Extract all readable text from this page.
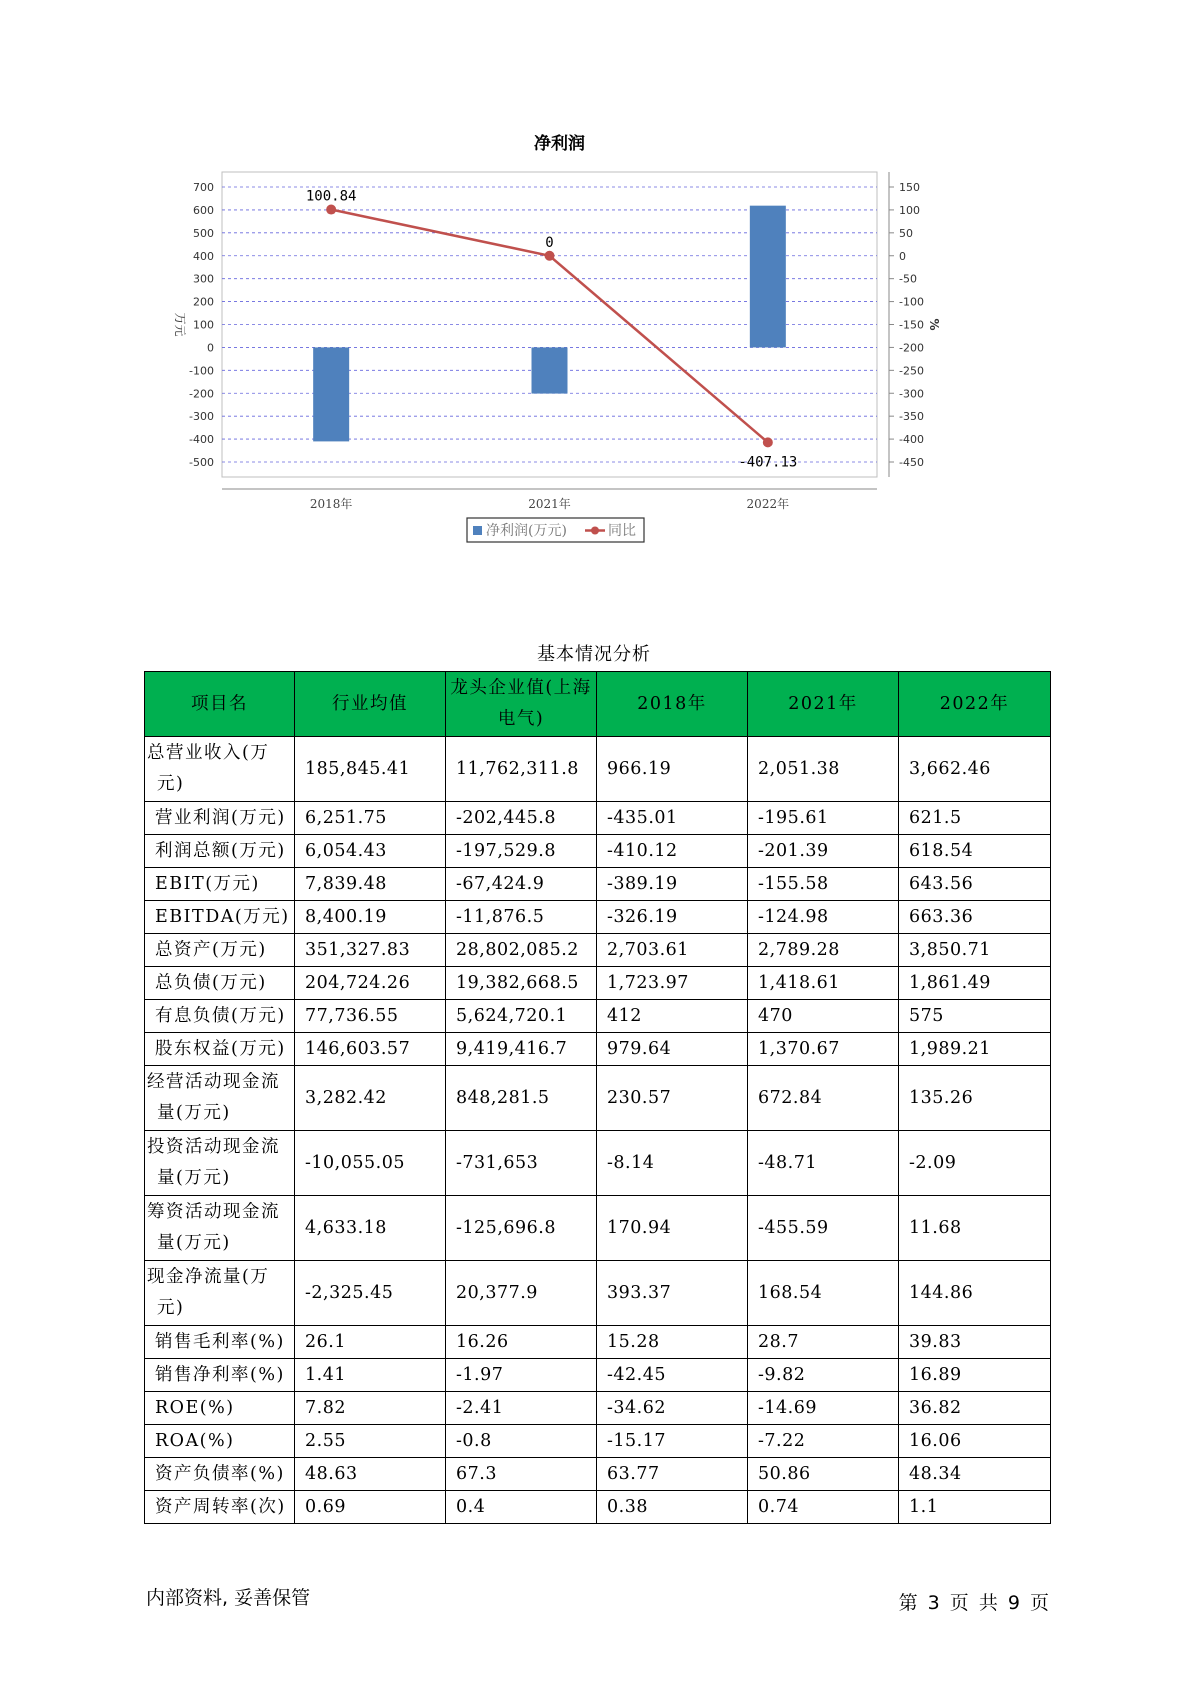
净利润
700
600
500
400
300
200
100
0
-100
-200
-300
-400
-500
150
100
50
0
-50
-100
-150
-200
-250
-300
-350
-400
-450
2018年	2021年	2022年
万元	%
100.84
0
-407.13
净利润(万元)	同比
基本情况分析
项目名	行业均值	龙头企业值(上海电气)	2018年	2021年	2022年

总营业收入(万元)	185,845.41	11,762,311.8	966.19	2,051.38	3,662.46
营业利润(万元)	6,251.75	-202,445.8	-435.01	-195.61	621.5
利润总额(万元)	6,054.43	-197,529.8	-410.12	-201.39	618.54
EBIT(万元)	7,839.48	-67,424.9	-389.19	-155.58	643.56
EBITDA(万元)	8,400.19	-11,876.5	-326.19	-124.98	663.36
总资产(万元)	351,327.83	28,802,085.2	2,703.61	2,789.28	3,850.71
总负债(万元)	204,724.26	19,382,668.5	1,723.97	1,418.61	1,861.49
有息负债(万元)	77,736.55	5,624,720.1	412	470	575
股东权益(万元)	146,603.57	9,419,416.7	979.64	1,370.67	1,989.21

经营活动现金流量(万元)	3,282.42	848,281.5	230.57	672.84	135.26

投资活动现金流量(万元)	-10,055.05	-731,653	-8.14	-48.71	-2.09

筹资活动现金流量(万元)	4,633.18	-125,696.8	170.94	-455.59	11.68

现金净流量(万元)	-2,325.45	20,377.9	393.37	168.54	144.86
销售毛利率(%)	26.1	16.26	15.28	28.7	39.83
销售净利率(%)	1.41	-1.97	-42.45	-9.82	16.89
ROE(%)	7.82	-2.41	-34.62	-14.69	36.82
ROA(%)	2.55	-0.8	-15.17	-7.22	16.06
资产负债率(%)	48.63	67.3	63.77	50.86	48.34
资产周转率(次)	0.69	0.4	0.38	0.74	1.1
内部资料, 妥善保管	第 3 页 共 9 页
